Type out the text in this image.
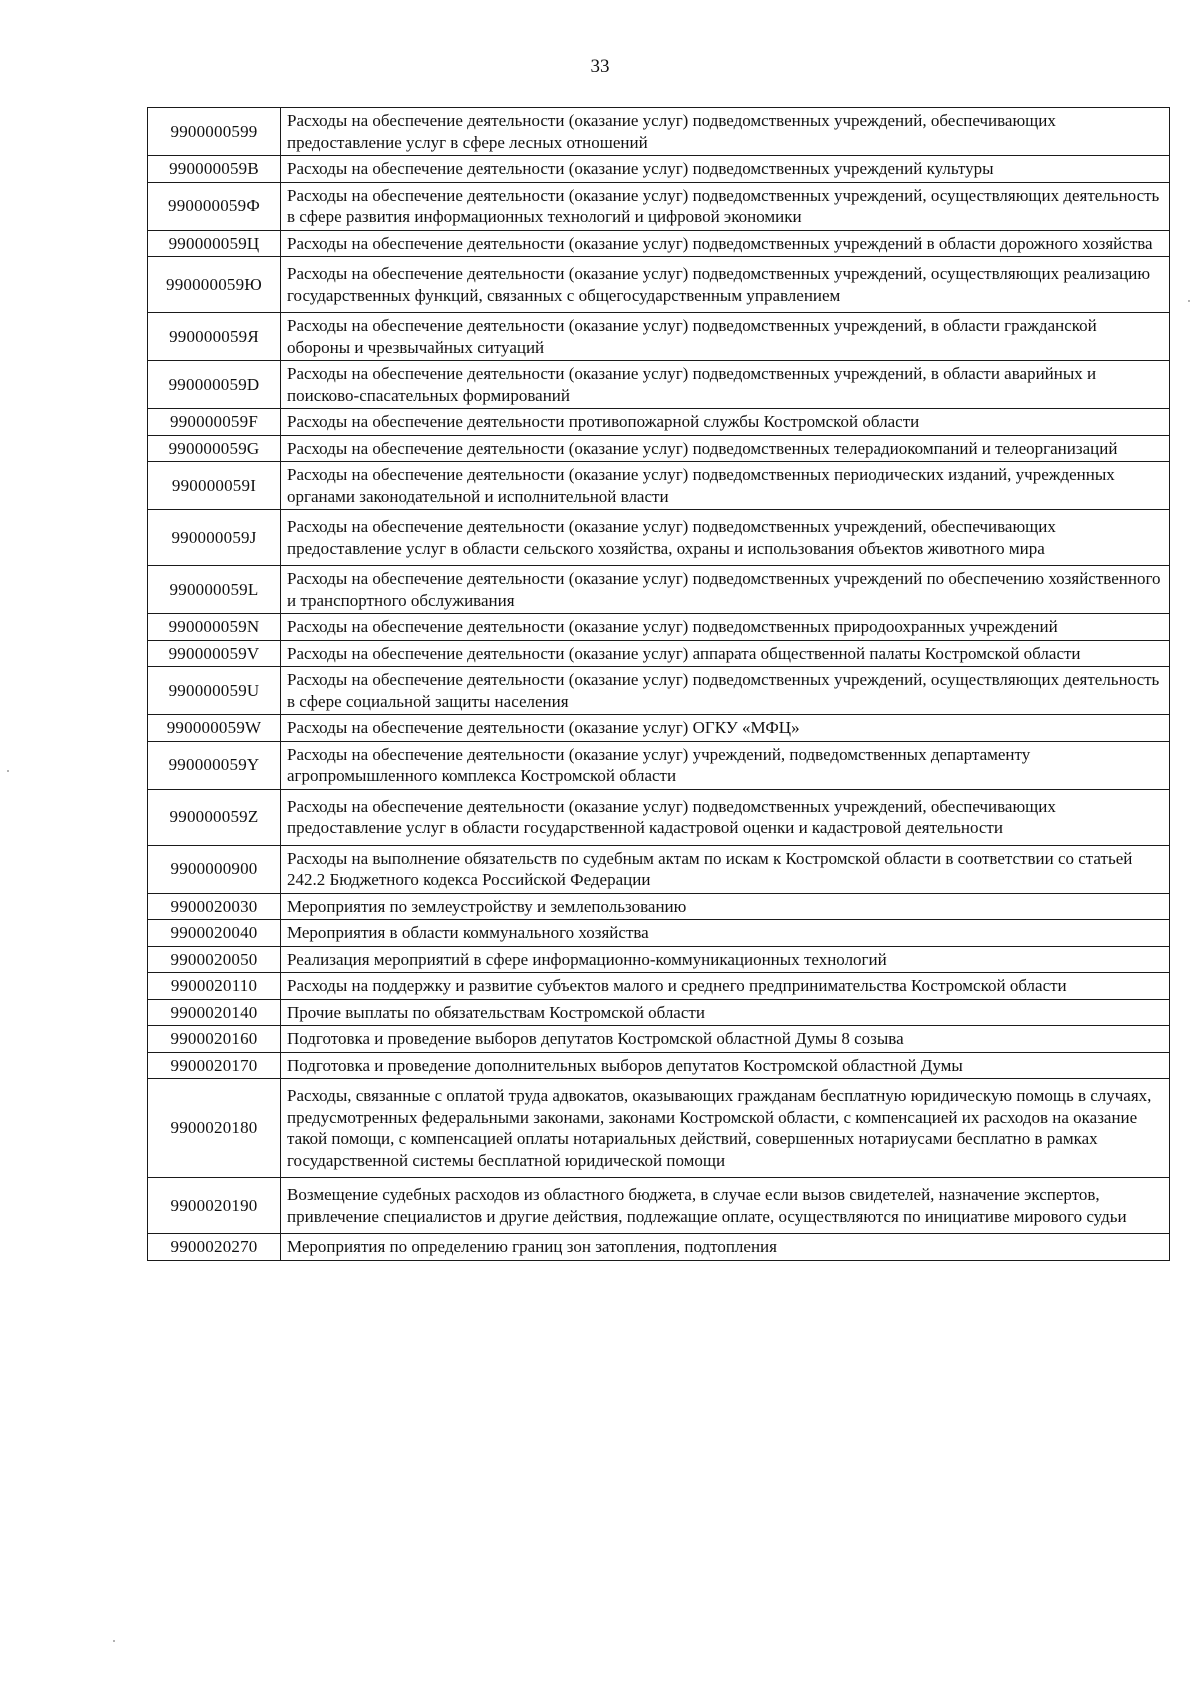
33
9900000599	Расходы на обеспечение деятельности (оказание услуг) подведомственных учреждений, обеспечивающих предоставление услуг в сфере лесных отношений
990000059B	Расходы на обеспечение деятельности (оказание услуг) подведомственных учреждений культуры
990000059Ф	Расходы на обеспечение деятельности (оказание услуг) подведомственных учреждений, осуществляющих деятельность в сфере развития информационных технологий и цифровой экономики
990000059Ц	Расходы на обеспечение деятельности (оказание услуг) подведомственных учреждений в области дорожного хозяйства
990000059Ю	Расходы на обеспечение деятельности (оказание услуг) подведомственных учреждений, осуществляющих реализацию государственных функций, связанных с общегосударственным управлением
990000059Я	Расходы на обеспечение деятельности (оказание услуг) подведомственных учреждений, в области гражданской обороны и чрезвычайных ситуаций
990000059D	Расходы на обеспечение деятельности (оказание услуг) подведомственных учреждений, в области аварийных и поисково-спасательных формирований
990000059F	Расходы на обеспечение деятельности противопожарной службы Костромской области
990000059G	Расходы на обеспечение деятельности (оказание услуг) подведомственных телерадиокомпаний и телеорганизаций
990000059I	Расходы на обеспечение деятельности (оказание услуг) подведомственных периодических изданий, учрежденных органами законодательной и исполнительной власти
990000059J	Расходы на обеспечение деятельности (оказание услуг) подведомственных учреждений, обеспечивающих предоставление услуг в области сельского хозяйства, охраны и использования объектов животного мира
990000059L	Расходы на обеспечение деятельности (оказание услуг) подведомственных учреждений по обеспечению хозяйственного и транспортного обслуживания
990000059N	Расходы на обеспечение деятельности (оказание услуг) подведомственных природоохранных учреждений
990000059V	Расходы на обеспечение деятельности (оказание услуг) аппарата общественной палаты Костромской области
990000059U	Расходы на обеспечение деятельности (оказание услуг) подведомственных учреждений, осуществляющих деятельность в сфере социальной защиты населения
990000059W	Расходы на обеспечение деятельности (оказание услуг) ОГКУ «МФЦ»
990000059Y	Расходы на обеспечение деятельности (оказание услуг) учреждений, подведомственных департаменту агропромышленного комплекса Костромской области
990000059Z	Расходы на обеспечение деятельности (оказание услуг) подведомственных учреждений, обеспечивающих предоставление услуг в области государственной кадастровой оценки и кадастровой деятельности
9900000900	Расходы на выполнение обязательств по судебным актам по искам к Костромской области в соответствии со статьей 242.2 Бюджетного кодекса Российской Федерации
9900020030	Мероприятия по землеустройству и землепользованию
9900020040	Мероприятия в области коммунального хозяйства
9900020050	Реализация мероприятий в сфере информационно-коммуникационных технологий
9900020110	Расходы на поддержку и развитие субъектов малого и среднего предпринимательства Костромской области
9900020140	Прочие выплаты по обязательствам Костромской области
9900020160	Подготовка и проведение выборов депутатов Костромской областной Думы 8 созыва
9900020170	Подготовка и проведение дополнительных выборов депутатов Костромской областной Думы
9900020180	Расходы, связанные с оплатой труда адвокатов, оказывающих гражданам бесплатную юридическую помощь в случаях, предусмотренных федеральными законами, законами Костромской области, с компенсацией их расходов на оказание такой помощи, с компенсацией оплаты нотариальных действий, совершенных нотариусами бесплатно в рамках государственной системы бесплатной юридической помощи
9900020190	Возмещение судебных расходов из областного бюджета, в случае если вызов свидетелей, назначение экспертов, привлечение специалистов и другие действия, подлежащие оплате, осуществляются по инициативе мирового судьи
9900020270	Мероприятия по определению границ зон затопления, подтопления
